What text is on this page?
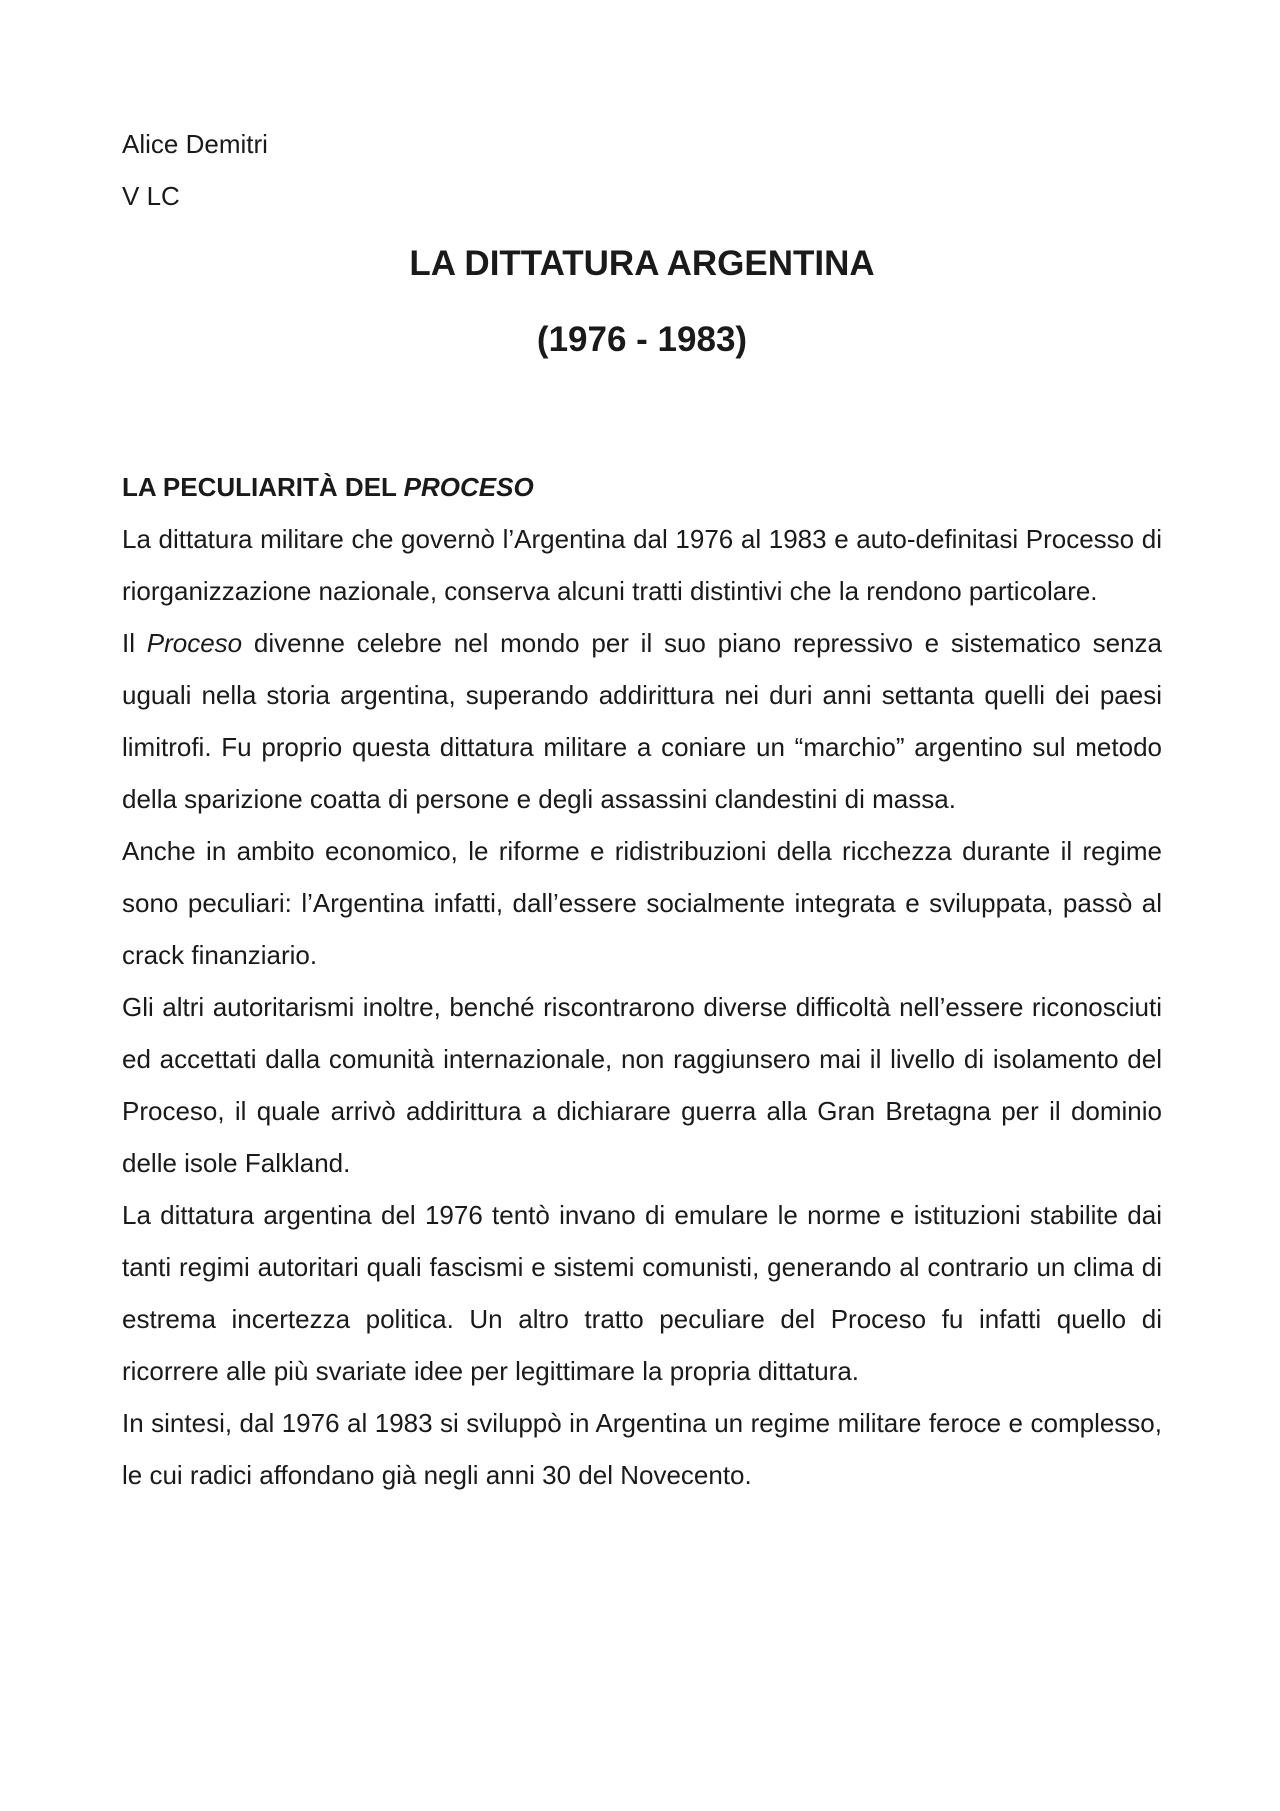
Alice Demitri

V LC

LA DITTATURA ARGENTINA
(1976 - 1983)
LA PECULIARITÀ DEL PROCESO

La dittatura militare che governò l’Argentina dal 1976 al 1983 e auto-definitasi Processo di riorganizzazione nazionale, conserva alcuni tratti distintivi che la rendono particolare.

Il Proceso divenne celebre nel mondo per il suo piano repressivo e sistematico senza uguali nella storia argentina, superando addirittura nei duri anni settanta quelli dei paesi limitrofi. Fu proprio questa dittatura militare a coniare un “marchio” argentino sul metodo della sparizione coatta di persone e degli assassini clandestini di massa.

Anche in ambito economico, le riforme e ridistribuzioni della ricchezza durante il regime sono peculiari: l’Argentina infatti, dall’essere socialmente integrata e sviluppata, passò al crack finanziario.

Gli altri autoritarismi inoltre, benché riscontrarono diverse difficoltà nell’essere riconosciuti ed accettati dalla comunità internazionale, non raggiunsero mai il livello di isolamento del Proceso, il quale arrivò addirittura a dichiarare guerra alla Gran Bretagna per il dominio delle isole Falkland.

La dittatura argentina del 1976 tentò invano di emulare le norme e istituzioni stabilite dai tanti regimi autoritari quali fascismi e sistemi comunisti, generando al contrario un clima di estrema incertezza politica. Un altro tratto peculiare del Proceso fu infatti quello di ricorrere alle più svariate idee per legittimare la propria dittatura.

In sintesi, dal 1976 al 1983 si sviluppò in Argentina un regime militare feroce e complesso, le cui radici affondano già negli anni 30 del Novecento.
